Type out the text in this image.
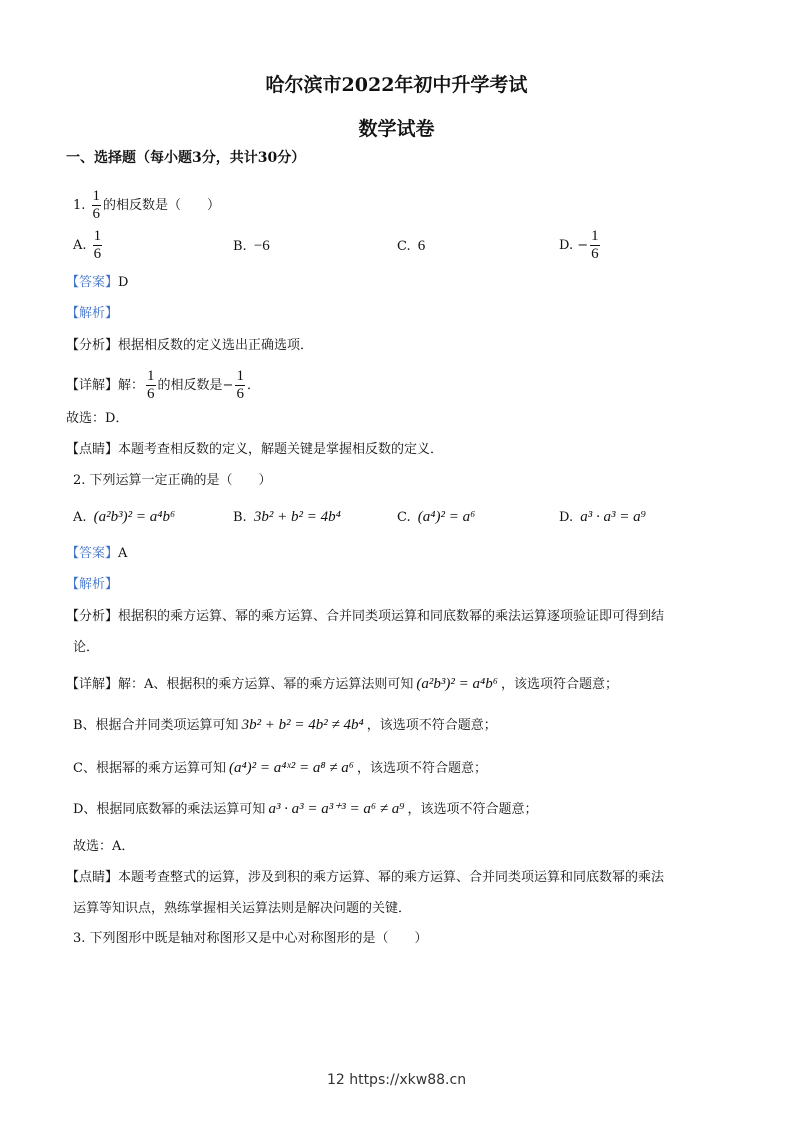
哈尔滨市2022年初中升学考试
数学试卷
一、选择题（每小题3分，共计30分）
1. $\frac{1}{6}$ 的相反数是（　　）
A. $\frac{1}{6}$	B. −6	C. 6	D. − $\frac{1}{6}$
【答案】D
【解析】
【分析】根据相反数的定义选出正确选项．
【详解】解： $\frac{1}{6}$ 的相反数是− $\frac{1}{6}$ ．
故选：D．
【点睛】本题考查相反数的定义，解题关键是掌握相反数的定义．
2. 下列运算一定正确的是（　　）
A. (a²b³)² = a⁴b⁶	B. 3b² + b² = 4b⁴	C. (a⁴)² = a⁶	D. a³ · a³ = a⁹
【答案】A
【解析】
【分析】根据积的乘方运算、幂的乘方运算、合并同类项运算和同底数幂的乘法运算逐项验证即可得到结
论．
【详解】解：A、根据积的乘方运算、幂的乘方运算法则可知 (a²b³)² = a⁴b⁶ ，该选项符合题意；
B、根据合并同类项运算可知 3b² + b² = 4b² ≠ 4b⁴ ，该选项不符合题意；
C、根据幂的乘方运算可知 (a⁴)² = a⁴ˣ² = a⁸ ≠ a⁶ ，该选项不符合题意；
D、根据同底数幂的乘法运算可知 a³ · a³ = a³⁺³ = a⁶ ≠ a⁹ ，该选项不符合题意；
故选：A．
【点睛】本题考查整式的运算，涉及到积的乘方运算、幂的乘方运算、合并同类项运算和同底数幂的乘法
运算等知识点，熟练掌握相关运算法则是解决问题的关键．
3. 下列图形中既是轴对称图形又是中心对称图形的是（　　）
12 https://xkw88.cn
